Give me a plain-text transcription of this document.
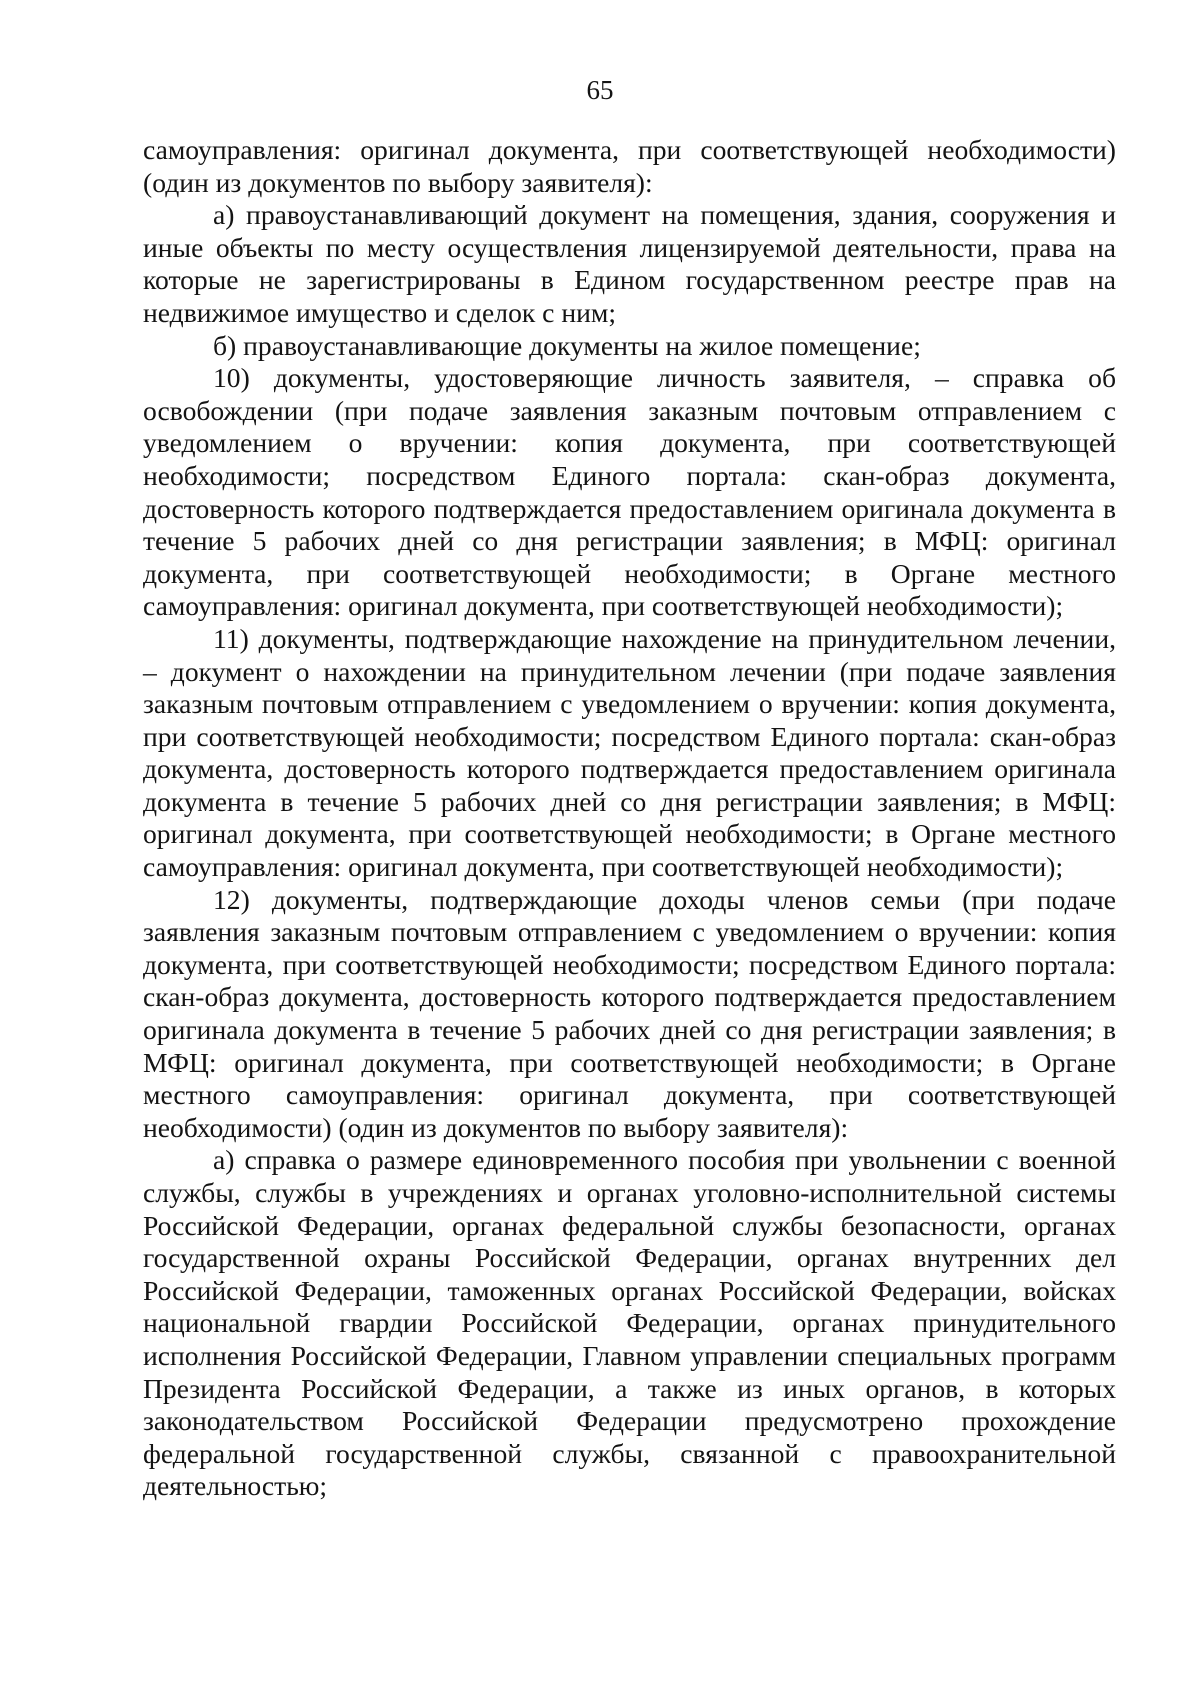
65

самоуправления: оригинал документа, при соответствующей необходимости) (один из документов по выбору заявителя):

а) правоустанавливающий документ на помещения, здания, сооружения и иные объекты по месту осуществления лицензируемой деятельности, права на которые не зарегистрированы в Едином государственном реестре прав на недвижимое имущество и сделок с ним;

б) правоустанавливающие документы на жилое помещение;

10) документы, удостоверяющие личность заявителя, – справка об освобождении (при подаче заявления заказным почтовым отправлением с уведомлением о вручении: копия документа, при соответствующей необходимости; посредством Единого портала: скан-образ документа, достоверность которого подтверждается предоставлением оригинала документа в течение 5 рабочих дней со дня регистрации заявления; в МФЦ: оригинал документа, при соответствующей необходимости; в Органе местного самоуправления: оригинал документа, при соответствующей необходимости);

11) документы, подтверждающие нахождение на принудительном лечении, – документ о нахождении на принудительном лечении (при подаче заявления заказным почтовым отправлением с уведомлением о вручении: копия документа, при соответствующей необходимости; посредством Единого портала: скан-образ документа, достоверность которого подтверждается предоставлением оригинала документа в течение 5 рабочих дней со дня регистрации заявления; в МФЦ: оригинал документа, при соответствующей необходимости; в Органе местного самоуправления: оригинал документа, при соответствующей необходимости);

12) документы, подтверждающие доходы членов семьи (при подаче заявления заказным почтовым отправлением с уведомлением о вручении: копия документа, при соответствующей необходимости; посредством Единого портала: скан-образ документа, достоверность которого подтверждается предоставлением оригинала документа в течение 5 рабочих дней со дня регистрации заявления; в МФЦ: оригинал документа, при соответствующей необходимости; в Органе местного самоуправления: оригинал документа, при соответствующей необходимости) (один из документов по выбору заявителя):

а) справка о размере единовременного пособия при увольнении с военной службы, службы в учреждениях и органах уголовно-исполнительной системы Российской Федерации, органах федеральной службы безопасности, органах государственной охраны Российской Федерации, органах внутренних дел Российской Федерации, таможенных органах Российской Федерации, войсках национальной гвардии Российской Федерации, органах принудительного исполнения Российской Федерации, Главном управлении специальных программ Президента Российской Федерации, а также из иных органов, в которых законодательством Российской Федерации предусмотрено прохождение федеральной государственной службы, связанной с правоохранительной деятельностью;
